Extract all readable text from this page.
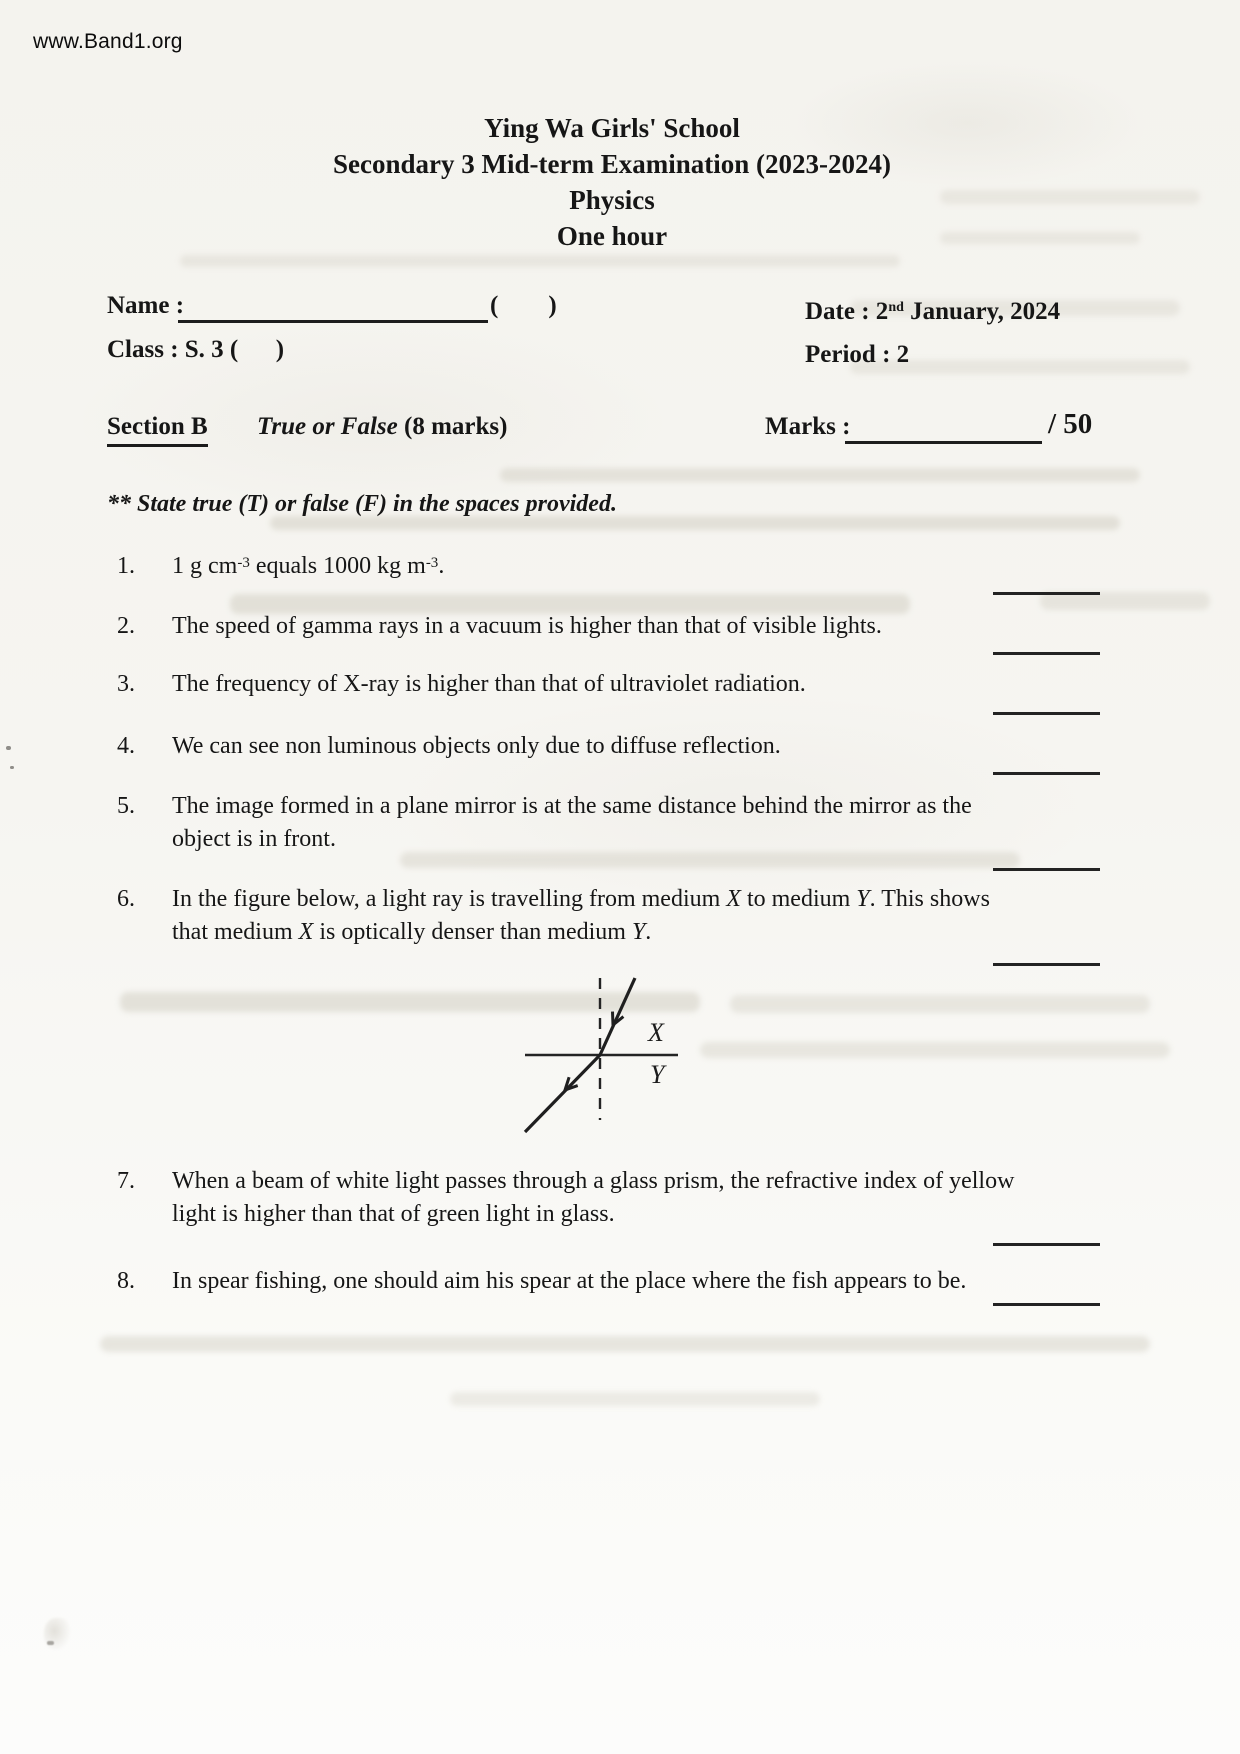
www.Band1.org
Ying Wa Girls' School
Secondary 3 Mid-term Examination (2023-2024)
Physics
One hour
Name :	(        )	Date : 2nd January, 2024
Class : S. 3 (      )	Period : 2
Section B True or False (8 marks)	Marks :	/ 50
** State true (T) or false (F) in the spaces provided.
1. 1 g $cm^{-3}$ equals 1000 kg $m^{-3}$.
2. The speed of gamma rays in a vacuum is higher than that of visible lights.
3. The frequency of X-ray is higher than that of ultraviolet radiation.
4. We can see non luminous objects only due to diffuse reflection.
5. The image formed in a plane mirror is at the same distance behind the mirror as the
object is in front.
6. In the figure below, a light ray is travelling from medium X to medium Y. This shows
that medium X is optically denser than medium Y.
7. When a beam of white light passes through a glass prism, the refractive index of yellow
light is higher than that of green light in glass.
8. In spear fishing, one should aim his spear at the place where the fish appears to be.
X
Y
